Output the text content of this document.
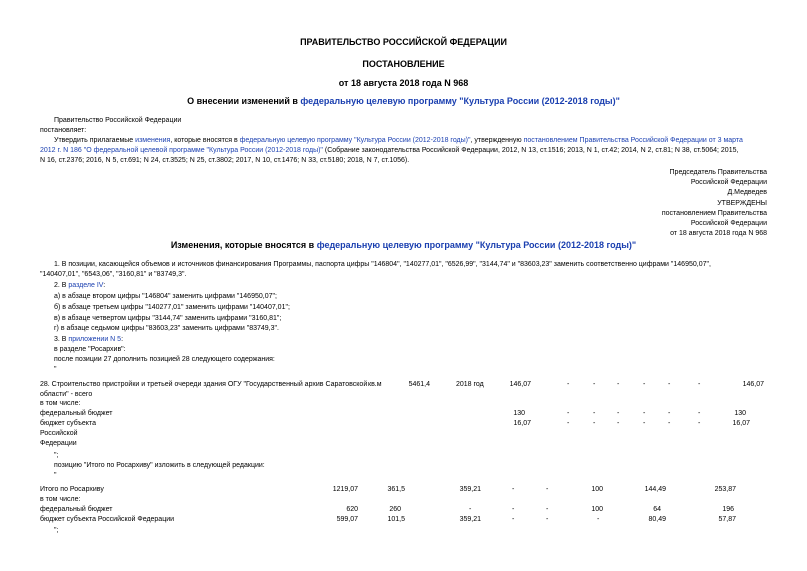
ПРАВИТЕЛЬСТВО РОССИЙСКОЙ ФЕДЕРАЦИИ
ПОСТАНОВЛЕНИЕ
от 18 августа 2018 года N 968
О внесении изменений в федеральную целевую программу "Культура России (2012-2018 годы)"
Правительство Российской Федерации
постановляет:
Утвердить прилагаемые изменения, которые вносятся в федеральную целевую программу "Культура России (2012-2018 годы)", утвержденную постановлением Правительства Российской Федерации от 3 марта
2012 г. N 186 "О федеральной целевой программе "Культура России (2012-2018 годы)" (Собрание законодательства Российской Федерации, 2012, N 13, ст.1516; 2013, N 1, ст.42; 2014, N 2, ст.81; N 38, ст.5064; 2015,
N 16, ст.2376; 2016, N 5, ст.691; N 24, ст.3525; N 25, ст.3802; 2017, N 10, ст.1476; N 33, ст.5180; 2018, N 7, ст.1056).
Председатель Правительства
Российской Федерации
Д.Медведев
УТВЕРЖДЕНЫ
постановлением Правительства
Российской Федерации
от 18 августа 2018 года N 968
Изменения, которые вносятся в федеральную целевую программу "Культура России (2012-2018 годы)"
1. В позиции, касающейся объемов и источников финансирования Программы, паспорта цифры "146804", "140277,01", "6526,99", "3144,74" и "83603,23" заменить соответственно цифрами "146950,07",
"140407,01", "6543,06", "3160,81" и "83749,3".
2. В разделе IV:
а) в абзаце втором цифры "146804" заменить цифрами "146950,07";
б) в абзаце третьем цифры "140277,01" заменить цифрами "140407,01";
в) в абзаце четвертом цифры "3144,74" заменить цифрами "3160,81";
г) в абзаце седьмом цифры "83603,23" заменить цифрами "83749,3".
3. В приложении N 5:
в разделе "Росархив":
после позиции 27 дополнить позицией 28 следующего содержания:
"
28. Строительство пристройки и третьей очереди здания ОГУ "Государственный архив Саратовской
области" - всего
кв.м	5461,4	2018 год	146,07	-	-	-	-	-	-	146,07
в том числе:
федеральный бюджет	130	-	-	-	-	-	-	130
бюджет субъекта
Российской
Федерации
16,07	-	-	-	-	-	-	16,07
";
позицию "Итого по Росархиву" изложить в следующей редакции:
"
Итого по Росархиву	1219,07	361,5	359,21	-	-	100	144,49	253,87
в том числе:
федеральный бюджет	620	260	-	-	-	100	64	196
бюджет субъекта Российской Федерации	599,07	101,5	359,21	-	-	-	80,49	57,87
";
